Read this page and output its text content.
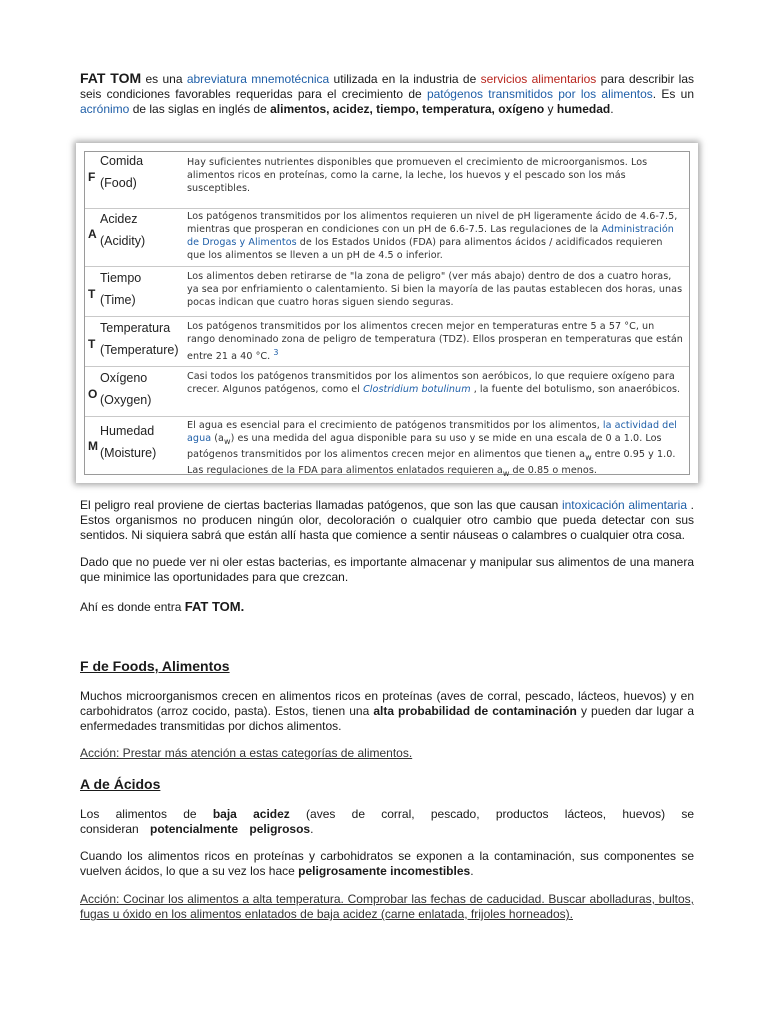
FAT TOM es una abreviatura mnemotécnica utilizada en la industria de servicios alimentarios para describir las seis condiciones favorables requeridas para el crecimiento de patógenos transmitidos por los alimentos. Es un acrónimo de las siglas en inglés de alimentos, acidez, tiempo, temperatura, oxígeno y humedad.

F
Comida
(Food)
Hay suficientes nutrientes disponibles que promueven el crecimiento de microorganismos. Los alimentos ricos en proteínas, como la carne, la leche, los huevos y el pescado son los más susceptibles.
A
Acidez
(Acidity)
Los patógenos transmitidos por los alimentos requieren un nivel de pH ligeramente ácido de 4.6-7.5, mientras que prosperan en condiciones con un pH de 6.6-7.5. Las regulaciones de la Administración de Drogas y Alimentos de los Estados Unidos (FDA) para alimentos ácidos / acidificados requieren que los alimentos se lleven a un pH de 4.5 o inferior.
T
Tiempo
(Time)
Los alimentos deben retirarse de "la zona de peligro" (ver más abajo) dentro de dos a cuatro horas, ya sea por enfriamiento o calentamiento. Si bien la mayoría de las pautas establecen dos horas, unas pocas indican que cuatro horas siguen siendo seguras.
T
Temperatura
(Temperature)
Los patógenos transmitidos por los alimentos crecen mejor en temperaturas entre 5 a 57 °C, un rango denominado zona de peligro de temperatura (TDZ). Ellos prosperan en temperaturas que están entre 21 a 40 °C. $^3$
O
Oxígeno
(Oxygen)
Casi todos los patógenos transmitidos por los alimentos son aeróbicos, lo que requiere oxígeno para crecer. Algunos patógenos, como el Clostridium botulinum , la fuente del botulismo, son anaeróbicos.
M
Humedad
(Moisture)
El agua es esencial para el crecimiento de patógenos transmitidos por los alimentos, la actividad del agua $(a_w)$ es una medida del agua disponible para su uso y se mide en una escala de 0 a 1.0. Los patógenos transmitidos por los alimentos crecen mejor en alimentos que tienen $a_w$ entre 0.95 y 1.0. Las regulaciones de la FDA para alimentos enlatados requieren $a_w$ de 0.85 o menos.

El peligro real proviene de ciertas bacterias llamadas patógenos, que son las que causan intoxicación alimentaria . Estos organismos no producen ningún olor, decoloración o cualquier otro cambio que pueda detectar con sus sentidos. Ni siquiera sabrá que están allí hasta que comience a sentir náuseas o calambres o cualquier otra cosa.

Dado que no puede ver ni oler estas bacterias, es importante almacenar y manipular sus alimentos de una manera que minimice las oportunidades para que crezcan.

Ahí es donde entra FAT TOM.

F de Foods, Alimentos

Muchos microorganismos crecen en alimentos ricos en proteínas (aves de corral, pescado, lácteos, huevos) y en carbohidratos (arroz cocido, pasta). Estos, tienen una alta probabilidad de contaminación y pueden dar lugar a enfermedades transmitidas por dichos alimentos.

Acción: Prestar más atención a estas categorías de alimentos.

A de Ácidos

Los alimentos de baja acidez (aves de corral, pescado, productos lácteos, huevos) se consideran potencialmente peligrosos.

Cuando los alimentos ricos en proteínas y carbohidratos se exponen a la contaminación, sus componentes se vuelven ácidos, lo que a su vez los hace peligrosamente incomestibles.

Acción: Cocinar los alimentos a alta temperatura. Comprobar las fechas de caducidad. Buscar abolladuras, bultos, fugas u óxido en los alimentos enlatados de baja acidez (carne enlatada, frijoles horneados).
